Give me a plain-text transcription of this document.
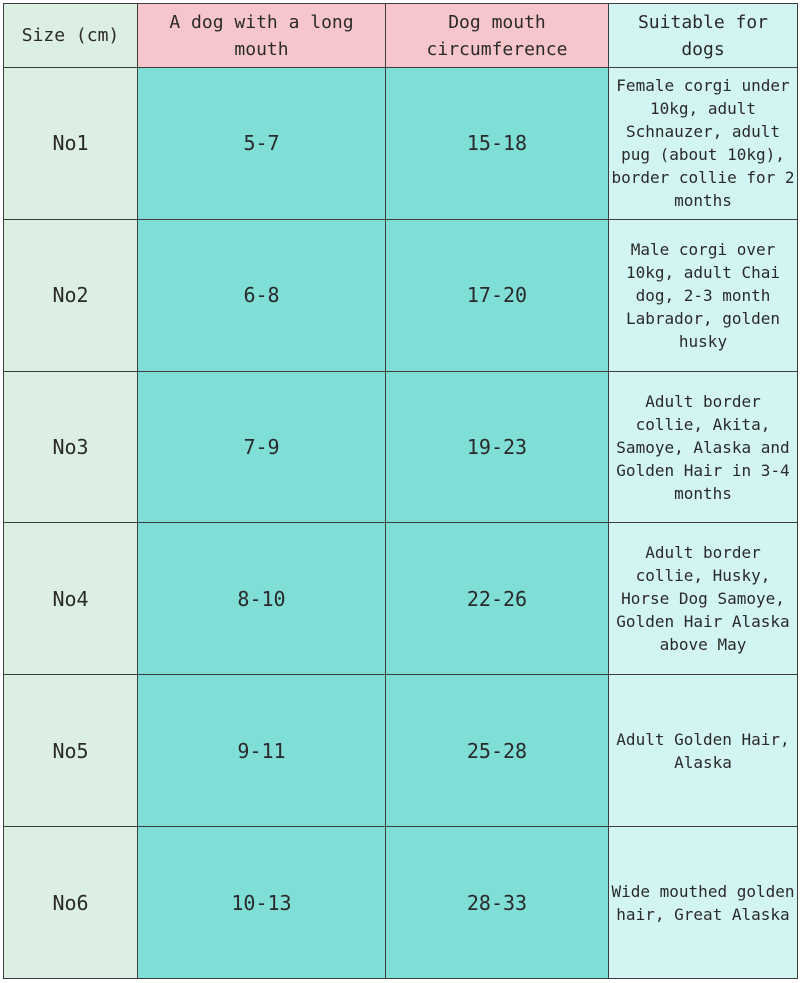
Size (cm)	A dog with a long mouth	Dog mouth circumference	Suitable for dogs
No1	5-7	15-18	Female corgi under 10kg, adult Schnauzer, adult pug (about 10kg), border collie for 2 months
No2	6-8	17-20	Male corgi over 10kg, adult Chai dog, 2-3 month Labrador, golden husky
No3	7-9	19-23	Adult border collie, Akita, Samoye, Alaska and Golden Hair in 3-4 months
No4	8-10	22-26	Adult border collie, Husky, Horse Dog Samoye, Golden Hair Alaska above May
No5	9-11	25-28	Adult Golden Hair, Alaska
No6	10-13	28-33	Wide mouthed golden hair, Great Alaska
